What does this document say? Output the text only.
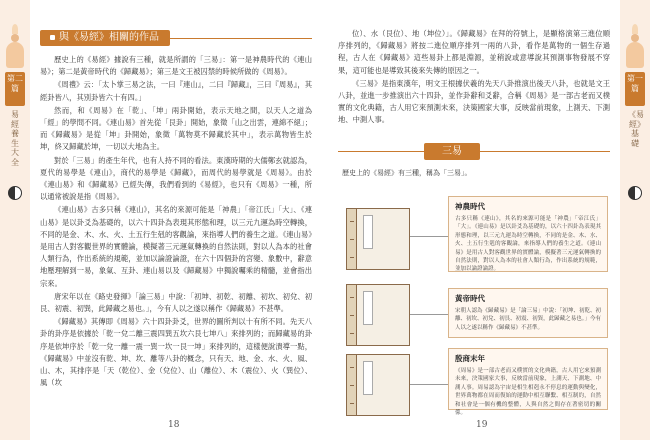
第二篇
易經養生大全
第一篇
《易經》基礎
與《易經》相關的作品

歷史上的《易經》據說有三種，就是所謂的「三易」：第一是神農時代的《連山易》；第二是黃帝時代的《歸藏易》；第三是文王被囚禁的時候所做的《周易》。

《周禮》云：「太卜掌三易之法，一曰『連山』，二曰『歸藏』，三曰『周易』，其經卦皆八，其別卦皆六十有四。」

然而，和《周易》在「乾」、「坤」兩卦開始，表示天地之間，以天人之道為「經」的學問不同。《連山易》首先從「艮卦」開始，象徵「山之出雲，連綿不絕」；而《歸藏易》是從「坤」卦開始，象徵「萬物莫不歸藏於其中」，表示萬物皆生於坤，終又歸藏於坤，一切以大地為主。

對於「三易」的產生年代，也有人持不同的看法。東漢時期的大儒鄭玄就認為，夏代的易學是《連山》，商代的易學是《歸藏》，而周代的易學就是《周易》。由於《連山易》和《歸藏易》已經失傳，我們看到的《易經》，也只有《周易》一種，所以通常被說是指《周易》。

《連山易》古多只稱《連山》，其名的來源可能是「神農」「帝江氏」「大」、《連山易》是以卦爻為基礎的，以六十四卦為表現其形態和理，以三元九運為時空轉換，不同的是金、木、水、火、土五行生剋的客觀論，來指導人們的養生之道。《連山易》是用古人對客觀世界的實體論，模擬著三元運氣轉換的自然法則，對以人為本的社會人類行為，作出系統的規範，並加以論證論證，在六十四個卦的宮變、象數中，辭意地壓理解到一易，象氣、互卦、連山易以及《歸藏易》中獨說囑乘的精髓，並會指出宗來。

唐宋年以在《路史發揮》「論三易」中說：「初坤、初乾、初離、初坎、初兌、初艮、初震、初巽，此歸藏之易也。」，今有人以之遂以稱作《歸藏易》不甚準。

《歸藏易》其傳即《周易》六十四卦卦爻，世界的圖所判以十有所不同。先天八卦的卦序是依據於「乾一兌二離三震四巽五坎六艮七坤八」來排列的；而歸藏易的卦序是依坤序於「乾一兌一離一震一巽一坎一艮一坤」來排列的，這樣便說潰導一點，《歸藏易》中並沒有乾、坤、坎、離等八卦的概念，只有天、地、金、水、火、風、山、木，其排序是「天（乾位）、金（兌位）、山（離位）、木（震位）、火（巽位）、風（坎

18

位）、水（艮位）、地（坤位）」。《歸藏易》在拜的符號上，是顯格演第三進位順序排列的，《歸藏易》將按二進位順序排列一兩的八卦，看作是萬物的一個生存過程，古人在《歸藏易》這些易卦上都是淵源，並稍說或意導說其預測事物發展不穿果，這可能也是導致其後來失傳的原因之一。

《三易》是指東漢年，明文王根據伏羲的先天八卦推演出後天八卦，也就是文王八卦，並進一步推演出六十四卦，並作卦辭和爻辭，合稱《周易》是一部古老而又樸實的文化典籍，古人用它來預測未來，決策國家大事，反映當前現象，上測天、下測地、中測人事。

三易
歷史上的《易經》有三種，稱為「三易」。
神農時代
古多只稱《連山》，其名的來源可能是「神農」「帝江氏」「大」。《連山易》是以卦爻為基礎的，以六十四卦為表現其形態和理，以三元九運為時空轉換，不同的是金、木、水、火、土五行生剋的客觀論，來指導人們的養生之道。《連山易》是用古人對客觀世界的實體論，模擬著三元運氣轉換的自然法則，對以人為本的社會人類行為，作出系統的規範，並加以論證論證。
黃帝時代
宋朝人認為《歸藏易》是「論三易」中說：「初坤、初乾、初離、初坎、初兌、初艮、初震、初巽，此歸藏之易也。」今有人以之遂以稱作《歸藏易》不甚準。
殷商末年
《周易》是一部古老而又樸實的文化典籍，古人用它來預測未來，決策國家大事，反映當前現象，上測天、下測地、中測人事。周易認為宇宙是相生相剋永不停息的運動與變化，世界萬物都在周而復始的運動中相互聯繫、相互制約，自然和社會是一個有機的整體，人與自然之間存在著密切的關係。
19
